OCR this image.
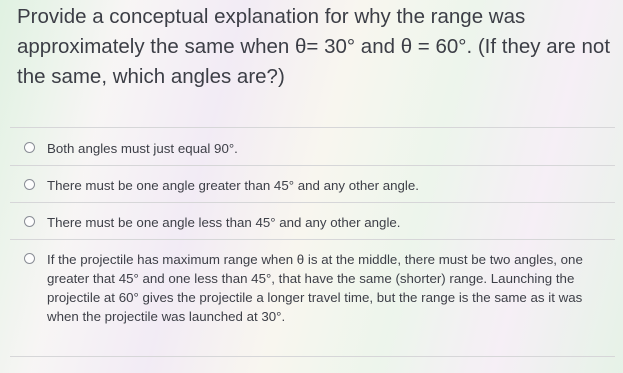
Provide a conceptual explanation for why the range was approximately the same when θ= 30° and θ = 60°. (If they are not the same, which angles are?)
Both angles must just equal 90°.
There must be one angle greater than 45° and any other angle.
There must be one angle less than 45° and any other angle.
If the projectile has maximum range when θ is at the middle, there must be two angles, one greater that 45° and one less than 45°, that have the same (shorter) range. Launching the projectile at 60° gives the projectile a longer travel time, but the range is the same as it was when the projectile was launched at 30°.
